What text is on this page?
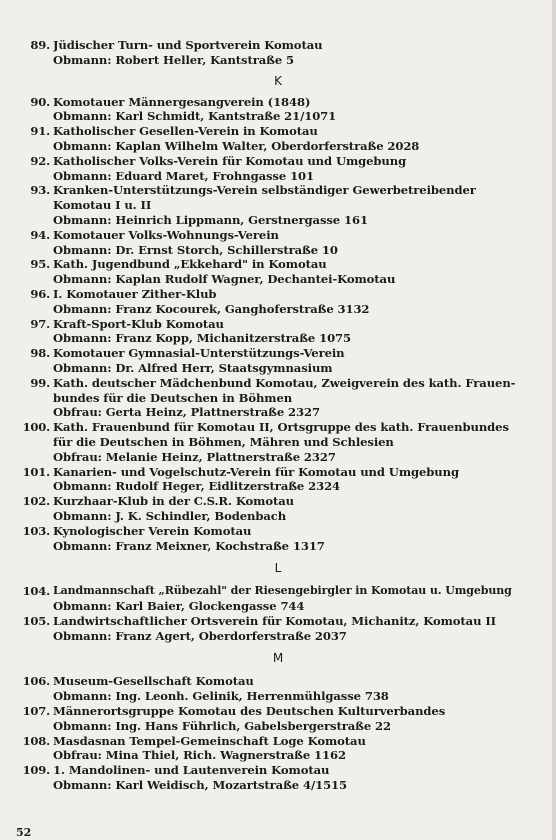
89. Jüdischer Turn- und Sportverein Komotau
Obmann: Robert Heller, Kantstraße 5
K
90. Komotauer Männergesangverein (1848)
Obmann: Karl Schmidt, Kantstraße 21/1071
91. Katholischer Gesellen-Verein in Komotau
Obmann: Kaplan Wilhelm Walter, Oberdorferstraße 2028
92. Katholischer Volks-Verein für Komotau und Umgebung
Obmann: Eduard Maret, Frohngasse 101
93. Kranken-Unterstützungs-Verein selbständiger Gewerbetreibender
Komotau I u. II
Obmann: Heinrich Lippmann, Gerstnergasse 161
94. Komotauer Volks-Wohnungs-Verein
Obmann: Dr. Ernst Storch, Schillerstraße 10
95. Kath. Jugendbund „Ekkehard" in Komotau
Obmann: Kaplan Rudolf Wagner, Dechantei-Komotau
96. I. Komotauer Zither-Klub
Obmann: Franz Kocourek, Ganghoferstraße 3132
97. Kraft-Sport-Klub Komotau
Obmann: Franz Kopp, Michanitzerstraße 1075
98. Komotauer Gymnasial-Unterstützungs-Verein
Obmann: Dr. Alfred Herr, Staatsgymnasium
99. Kath. deutscher Mädchenbund Komotau, Zweigverein des kath. Frauen-
bundes für die Deutschen in Böhmen
Obfrau: Gerta Heinz, Plattnerstraße 2327
100. Kath. Frauenbund für Komotau II, Ortsgruppe des kath. Frauenbundes
für die Deutschen in Böhmen, Mähren und Schlesien
Obfrau: Melanie Heinz, Plattnerstraße 2327
101. Kanarien- und Vogelschutz-Verein für Komotau und Umgebung
Obmann: Rudolf Heger, Eidlitzerstraße 2324
102. Kurzhaar-Klub in der C.S.R. Komotau
Obmann: J. K. Schindler, Bodenbach
103. Kynologischer Verein Komotau
Obmann: Franz Meixner, Kochstraße 1317
L
104. Landmannschaft „Rübezahl" der Riesengebirgler in Komotau u. Umgebung
Obmann: Karl Baier, Glockengasse 744
105. Landwirtschaftlicher Ortsverein für Komotau, Michanitz, Komotau II
Obmann: Franz Agert, Oberdorferstraße 2037
M
106. Museum-Gesellschaft Komotau
Obmann: Ing. Leonh. Gelinik, Herrenmühlgasse 738
107. Männerortsgruppe Komotau des Deutschen Kulturverbandes
Obmann: Ing. Hans Führlich, Gabelsbergerstraße 22
108. Masdasnan Tempel-Gemeinschaft Loge Komotau
Obfrau: Mina Thiel, Rich. Wagnerstraße 1162
109. 1. Mandolinen- und Lautenverein Komotau
Obmann: Karl Weidisch, Mozartstraße 4/1515
52
